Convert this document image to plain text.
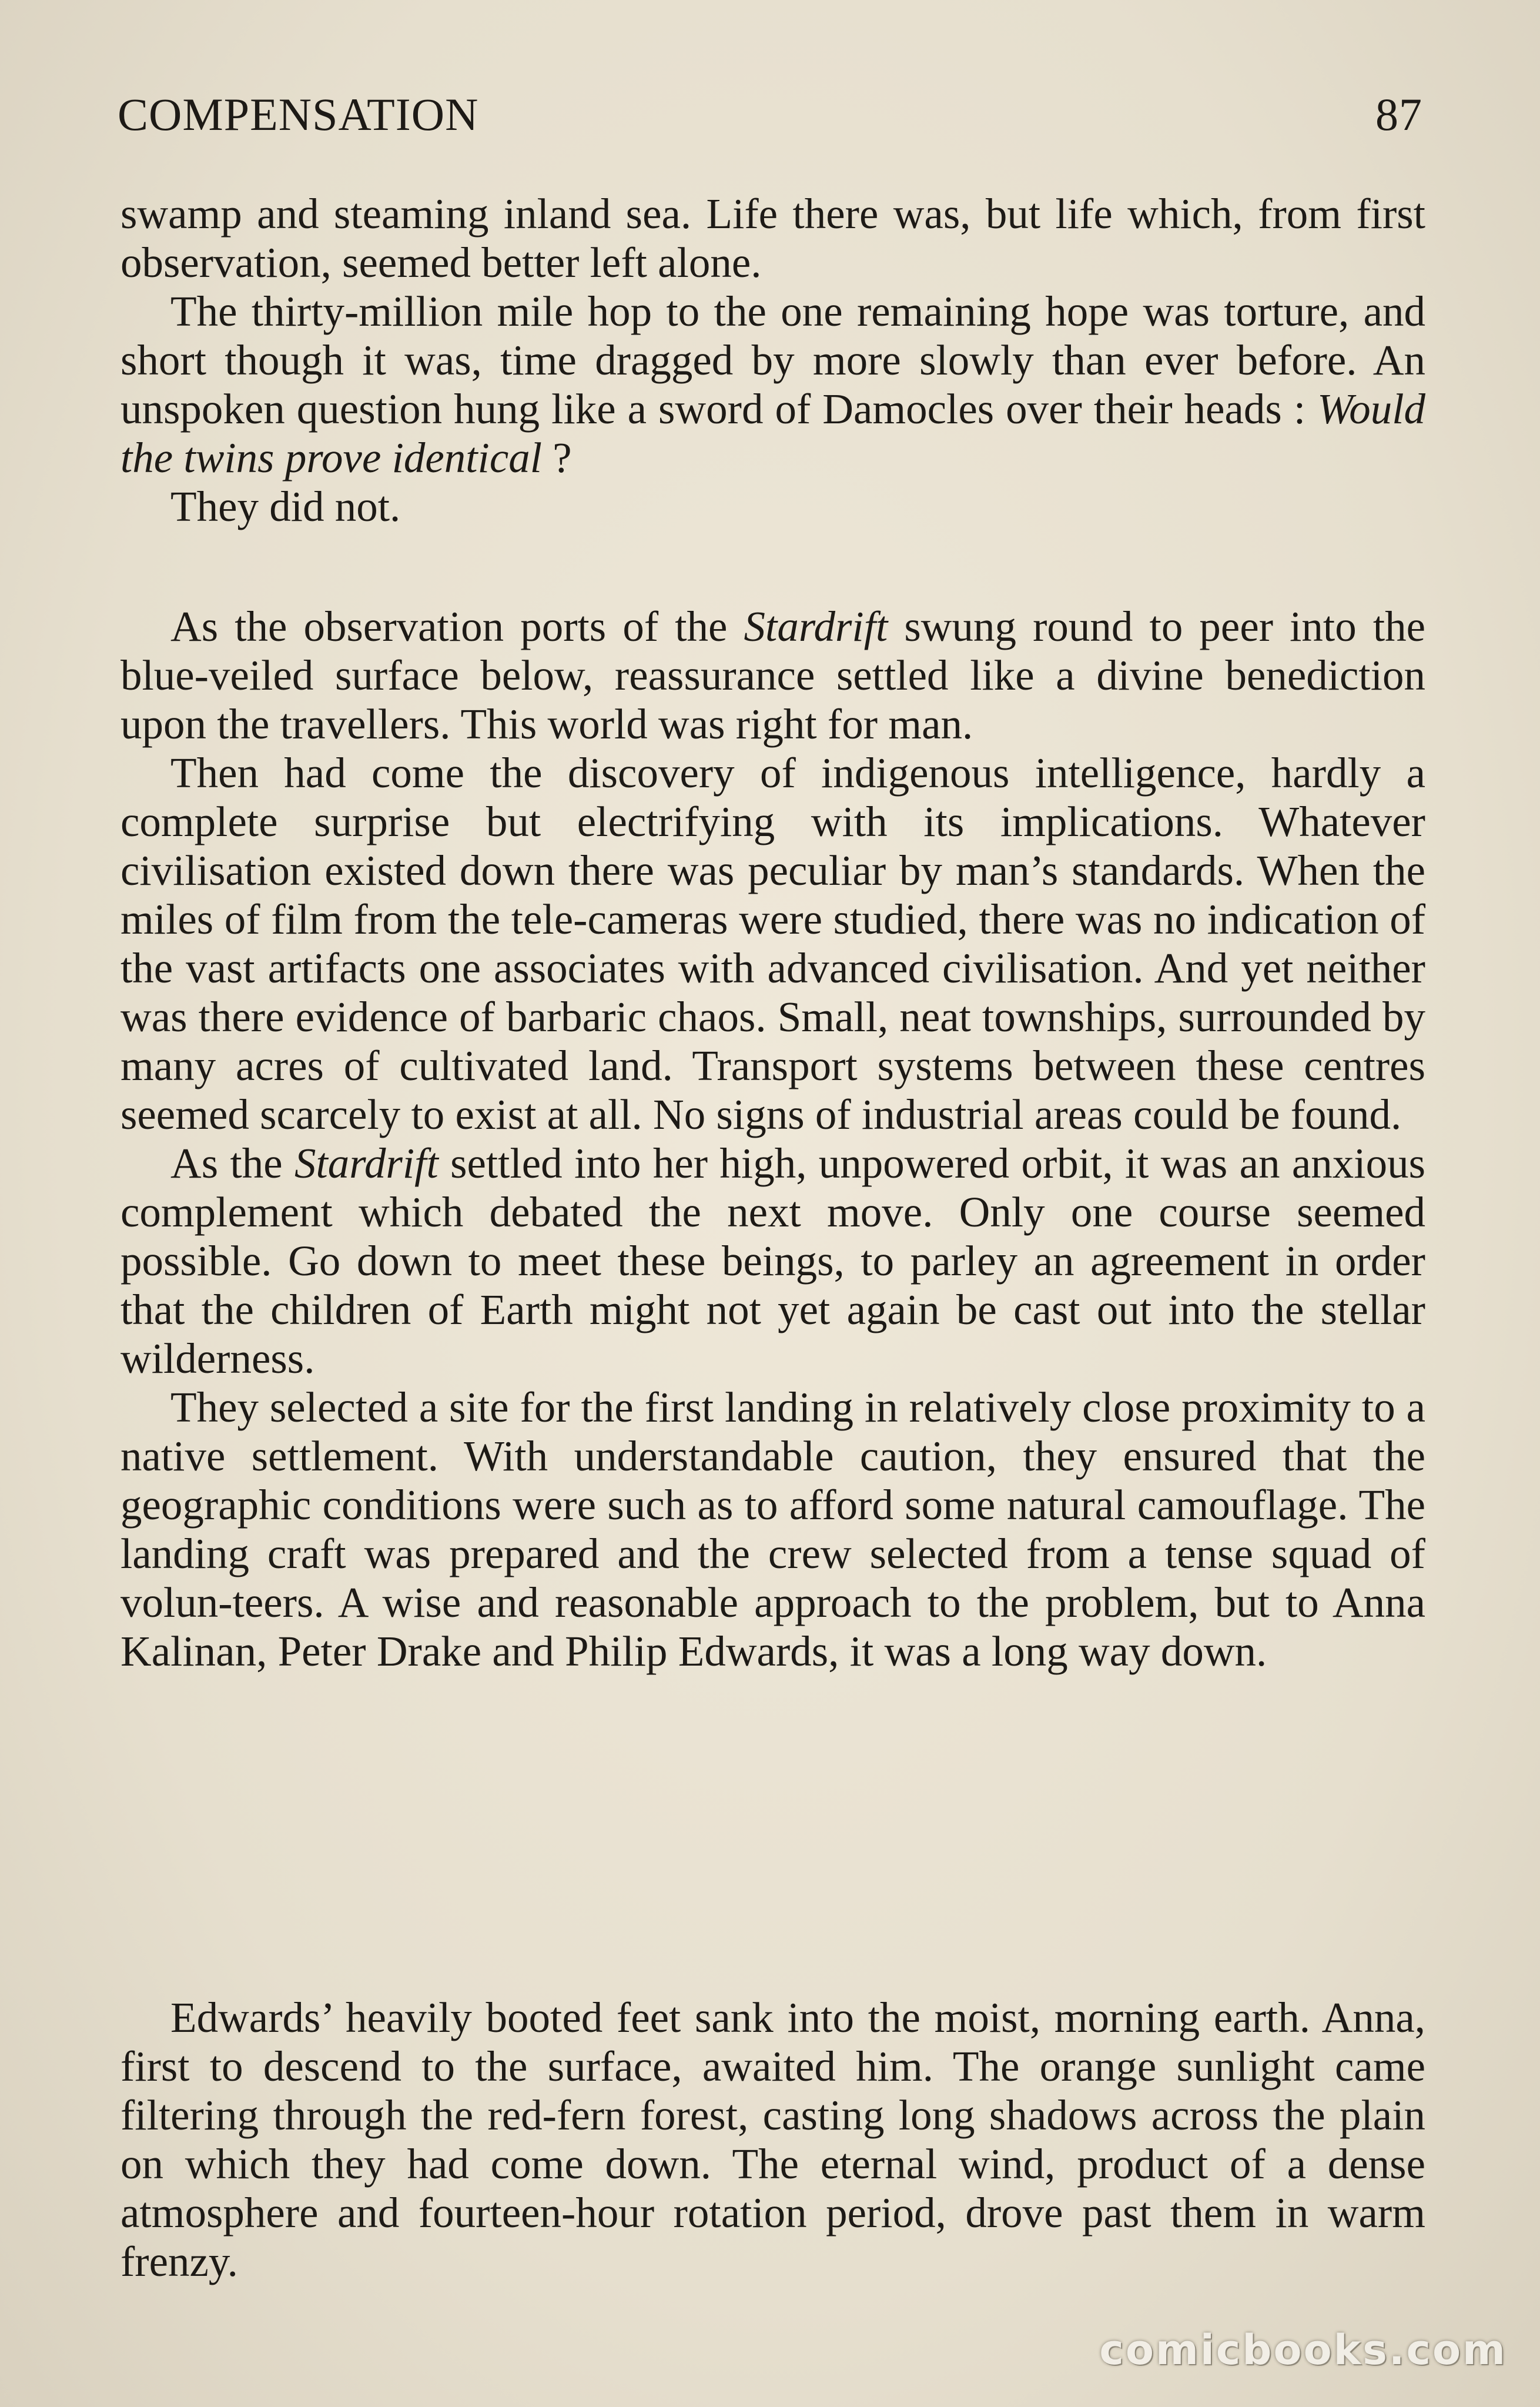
COMPENSATION	87

swamp and steaming inland sea. Life there was, but life which, from first observation, seemed better left alone.

The thirty-million mile hop to the one remaining hope was torture, and short though it was, time dragged by more slowly than ever before. An unspoken question hung like a sword of Damocles over their heads : Would the twins prove identical ?

They did not.

As the observation ports of the Stardrift swung round to peer into the blue-veiled surface below, reassurance settled like a divine benediction upon the travellers. This world was right for man.

Then had come the discovery of indigenous intelligence, hardly a complete surprise but electrifying with its implications. Whatever civilisation existed down there was peculiar by man’s standards. When the miles of film from the tele-cameras were studied, there was no indication of the vast artifacts one associates with advanced civilisation. And yet neither was there evidence of barbaric chaos. Small, neat townships, surrounded by many acres of cultivated land. Transport systems between these centres seemed scarcely to exist at all. No signs of industrial areas could be found.

As the Stardrift settled into her high, unpowered orbit, it was an anxious complement which debated the next move. Only one course seemed possible. Go down to meet these beings, to parley an agreement in order that the children of Earth might not yet again be cast out into the stellar wilderness.

They selected a site for the first landing in relatively close proximity to a native settlement. With understandable caution, they ensured that the geographic conditions were such as to afford some natural camouflage. The landing craft was prepared and the crew selected from a tense squad of volun-teers. A wise and reasonable approach to the problem, but to Anna Kalinan, Peter Drake and Philip Edwards, it was a long way down.

Edwards’ heavily booted feet sank into the moist, morning earth. Anna, first to descend to the surface, awaited him. The orange sunlight came filtering through the red-fern forest, casting long shadows across the plain on which they had come down. The eternal wind, product of a dense atmosphere and fourteen-hour rotation period, drove past them in warm frenzy.

comicbooks.com
